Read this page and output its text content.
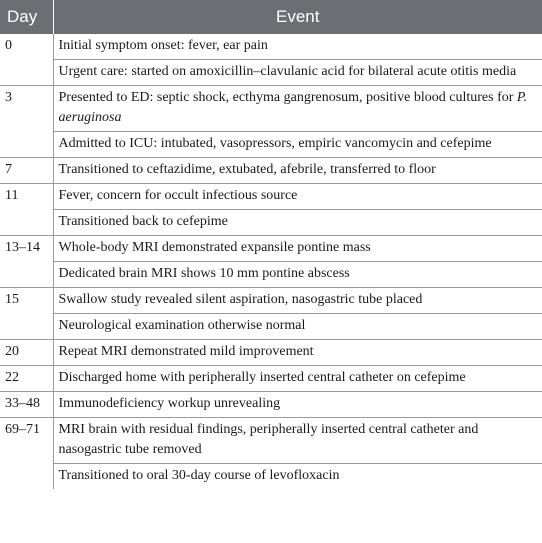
Day	Event
0	Initial symptom onset: fever, ear pain
	Urgent care: started on amoxicillin–clavulanic acid for bilateral acute otitis media
3	Presented to ED: septic shock, ecthyma gangrenosum, positive blood cultures for P. aeruginosa
	Admitted to ICU: intubated, vasopressors, empiric vancomycin and cefepime
7	Transitioned to ceftazidime, extubated, afebrile, transferred to floor
11	Fever, concern for occult infectious source
	Transitioned back to cefepime
13–14	Whole-body MRI demonstrated expansile pontine mass
	Dedicated brain MRI shows 10 mm pontine abscess
15	Swallow study revealed silent aspiration, nasogastric tube placed
	Neurological examination otherwise normal
20	Repeat MRI demonstrated mild improvement
22	Discharged home with peripherally inserted central catheter on cefepime
33–48	Immunodeficiency workup unrevealing
69–71	MRI brain with residual findings, peripherally inserted central catheter and nasogastric tube removed
	Transitioned to oral 30-day course of levofloxacin
